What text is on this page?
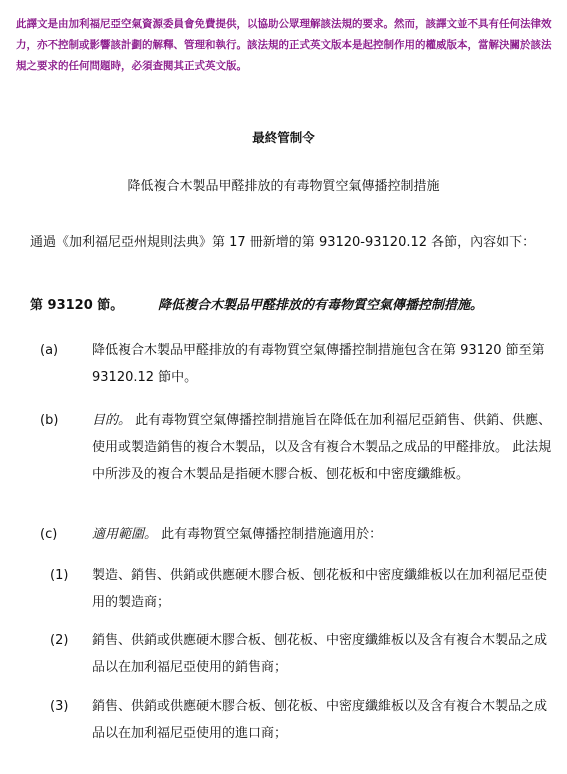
此譯文是由加利福尼亞空氣資源委員會免費提供，以協助公眾理解該法規的要求。然而，該譯文並不具有任何法律效力，亦不控制或影響該計劃的解釋、管理和執行。該法規的正式英文版本是起控制作用的權威版本，當解決關於該法規之要求的任何問題時，必須查閱其正式英文版。
最終管制令
降低複合木製品甲醛排放的有毒物質空氣傳播控制措施
通過《加利福尼亞州規則法典》第 17 冊新增的第 93120-93120.12 各節，內容如下：
第 93120 節。	降低複合木製品甲醛排放的有毒物質空氣傳播控制措施。
(a)	降低複合木製品甲醛排放的有毒物質空氣傳播控制措施包含在第 93120 節至第 93120.12 節中。
(b)	目的。 此有毒物質空氣傳播控制措施旨在降低在加利福尼亞銷售、供銷、供應、使用或製造銷售的複合木製品，以及含有複合木製品之成品的甲醛排放。 此法規中所涉及的複合木製品是指硬木膠合板、刨花板和中密度纖維板。
(c)	適用範圍。 此有毒物質空氣傳播控制措施適用於：
(1) 製造、銷售、供銷或供應硬木膠合板、刨花板和中密度纖維板以在加利福尼亞使用的製造商；
(2) 銷售、供銷或供應硬木膠合板、刨花板、中密度纖維板以及含有複合木製品之成品以在加利福尼亞使用的銷售商；
(3) 銷售、供銷或供應硬木膠合板、刨花板、中密度纖維板以及含有複合木製品之成品以在加利福尼亞使用的進口商；
